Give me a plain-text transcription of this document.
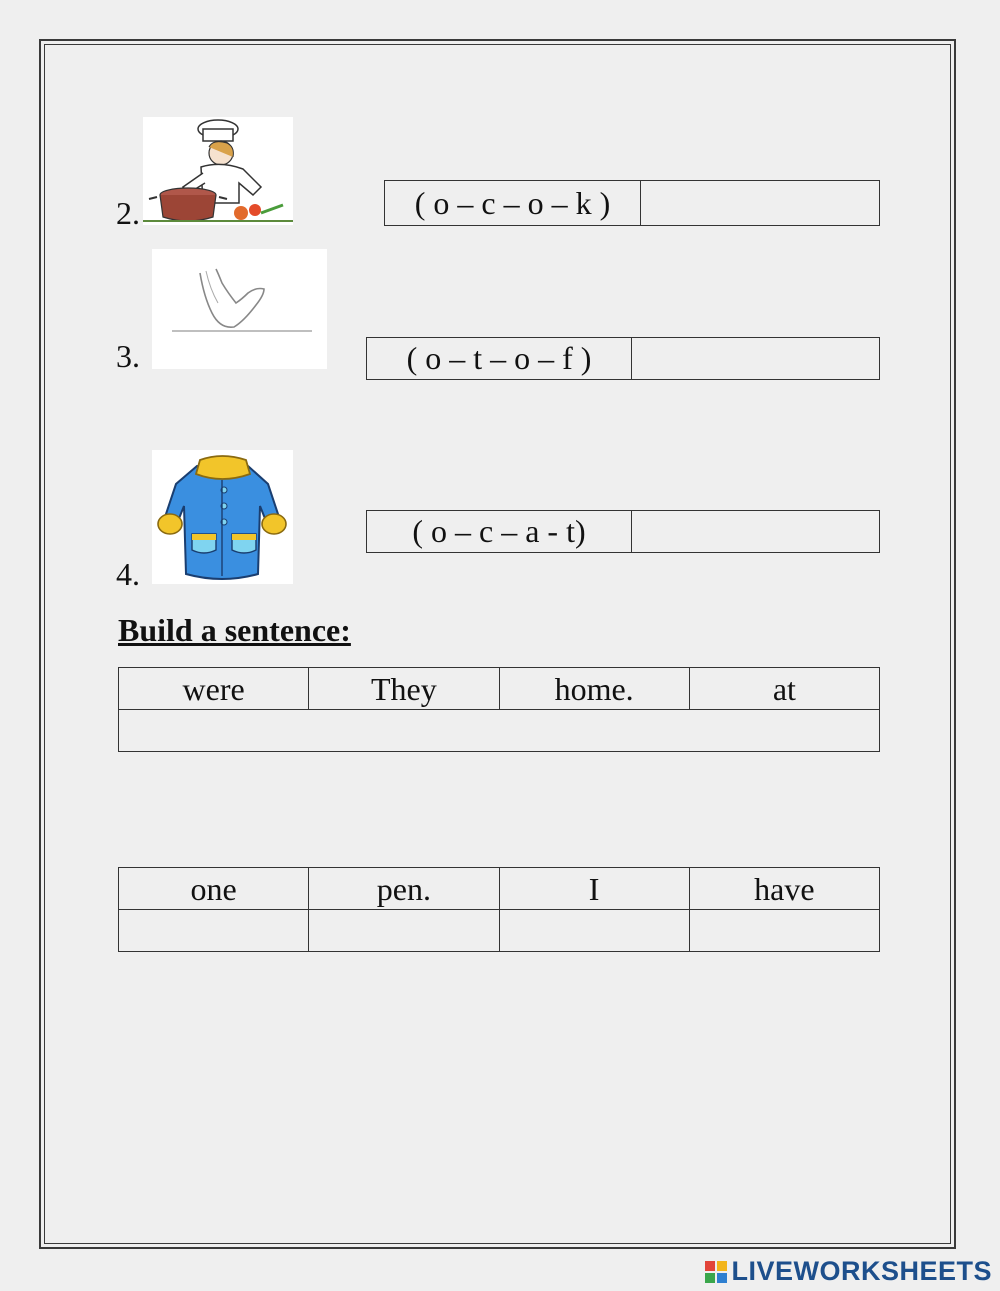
2.	( o – c – o – k )
3.	( o – t – o – f )
4.
( o – c – a - t)
Build a sentence:
were	They	home.	at

one	pen.	I	have

LIVEWORKSHEETS
